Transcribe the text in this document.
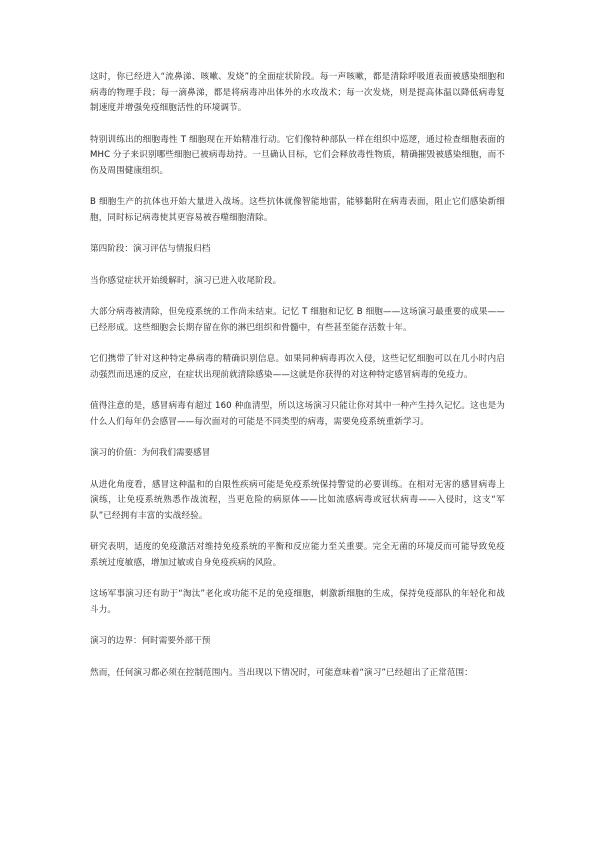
这时，你已经进入“流鼻涕、咳嗽、发烧”的全面症状阶段。每一声咳嗽，都是清除呼吸道表面被感染细胞和病毒的物理手段；每一滴鼻涕，都是将病毒冲出体外的水攻战术；每一次发烧，则是提高体温以降低病毒复制速度并增强免疫细胞活性的环境调节。

特别训练出的细胞毒性 T 细胞现在开始精准行动。它们像特种部队一样在组织中巡逻，通过检查细胞表面的 MHC 分子来识别哪些细胞已被病毒劫持。一旦确认目标，它们会释放毒性物质，精确摧毁被感染细胞，而不伤及周围健康组织。

B 细胞生产的抗体也开始大量进入战场。这些抗体就像智能地雷，能够黏附在病毒表面，阻止它们感染新细胞，同时标记病毒使其更容易被吞噬细胞清除。

第四阶段：演习评估与情报归档

当你感觉症状开始缓解时，演习已进入收尾阶段。

大部分病毒被清除，但免疫系统的工作尚未结束。记忆 T 细胞和记忆 B 细胞——这场演习最重要的成果——已经形成。这些细胞会长期存留在你的淋巴组织和骨髓中，有些甚至能存活数十年。

它们携带了针对这种特定鼻病毒的精确识别信息。如果同种病毒再次入侵，这些记忆细胞可以在几小时内启动强烈而迅速的反应，在症状出现前就清除感染——这就是你获得的对这种特定感冒病毒的免疫力。

值得注意的是，感冒病毒有超过 160 种血清型，所以这场演习只能让你对其中一种产生持久记忆。这也是为什么人们每年仍会感冒——每次面对的可能是不同类型的病毒，需要免疫系统重新学习。

演习的价值：为何我们需要感冒

从进化角度看，感冒这种温和的自限性疾病可能是免疫系统保持警觉的必要训练。在相对无害的感冒病毒上演练，让免疫系统熟悉作战流程，当更危险的病原体——比如流感病毒或冠状病毒——入侵时，这支“军队”已经拥有丰富的实战经验。

研究表明，适度的免疫激活对维持免疫系统的平衡和反应能力至关重要。完全无菌的环境反而可能导致免疫系统过度敏感，增加过敏或自身免疫疾病的风险。

这场军事演习还有助于“淘汰”老化或功能不足的免疫细胞，刺激新细胞的生成，保持免疫部队的年轻化和战斗力。

演习的边界：何时需要外部干预

然而，任何演习都必须在控制范围内。当出现以下情况时，可能意味着“演习”已经超出了正常范围：
